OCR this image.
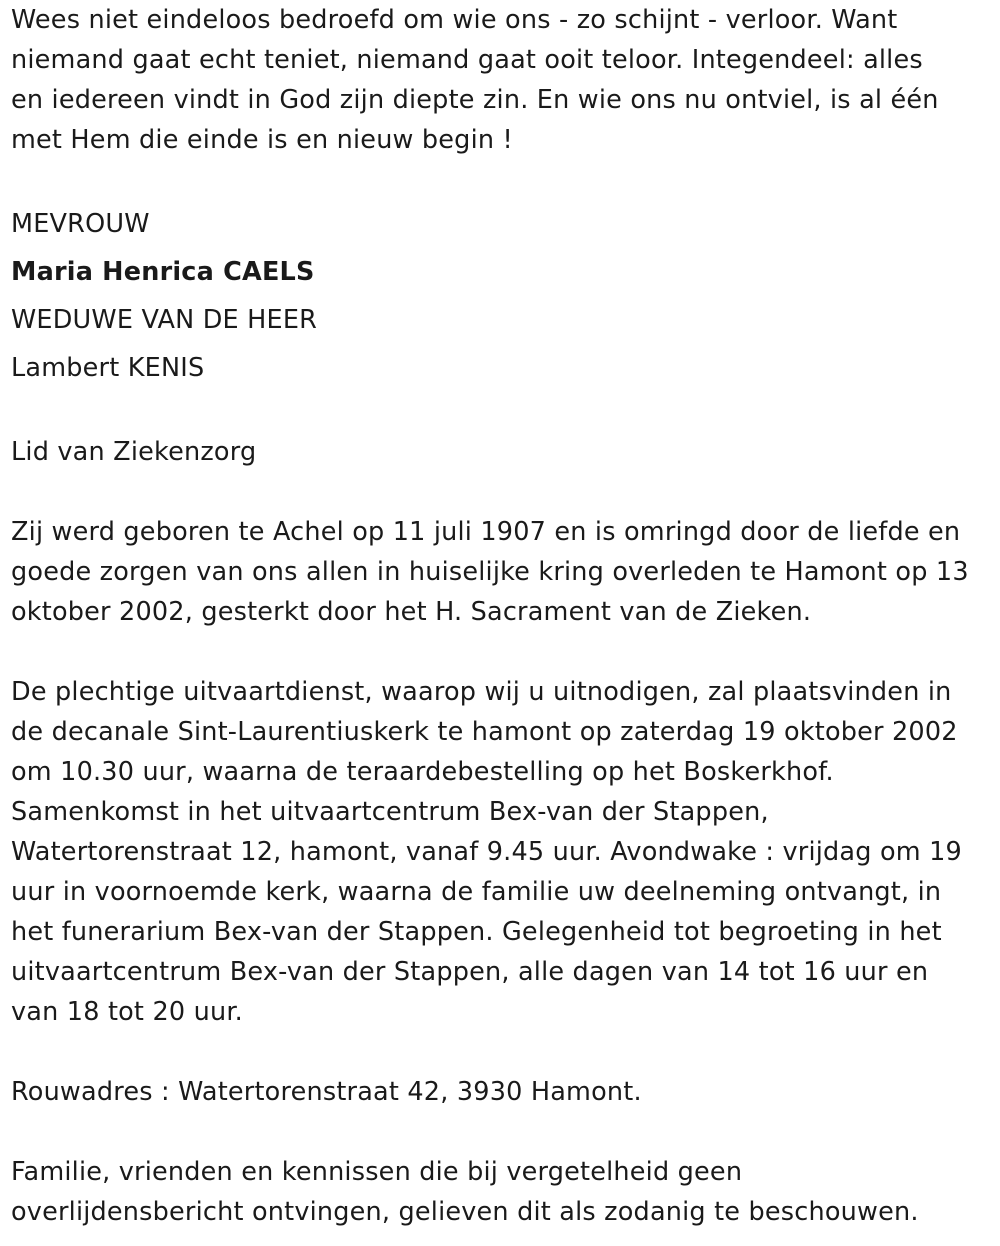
Wees niet eindeloos bedroefd om wie ons - zo schijnt - verloor. Want
niemand gaat echt teniet, niemand gaat ooit teloor. Integendeel: alles
en iedereen vindt in God zijn diepte zin. En wie ons nu ontviel, is al één
met Hem die einde is en nieuw begin !
MEVROUW
Maria Henrica CAELS
WEDUWE VAN DE HEER
Lambert KENIS
Lid van Ziekenzorg
Zij werd geboren te Achel op 11 juli 1907 en is omringd door de liefde en
goede zorgen van ons allen in huiselijke kring overleden te Hamont op 13
oktober 2002, gesterkt door het H. Sacrament van de Zieken.
De plechtige uitvaartdienst, waarop wij u uitnodigen, zal plaatsvinden in
de decanale Sint-Laurentiuskerk te hamont op zaterdag 19 oktober 2002
om 10.30 uur, waarna de teraardebestelling op het Boskerkhof.
Samenkomst in het uitvaartcentrum Bex-van der Stappen,
Watertorenstraat 12, hamont, vanaf 9.45 uur. Avondwake : vrijdag om 19
uur in voornoemde kerk, waarna de familie uw deelneming ontvangt, in
het funerarium Bex-van der Stappen. Gelegenheid tot begroeting in het
uitvaartcentrum Bex-van der Stappen, alle dagen van 14 tot 16 uur en
van 18 tot 20 uur.
Rouwadres : Watertorenstraat 42, 3930 Hamont.
Familie, vrienden en kennissen die bij vergetelheid geen
overlijdensbericht ontvingen, gelieven dit als zodanig te beschouwen.
